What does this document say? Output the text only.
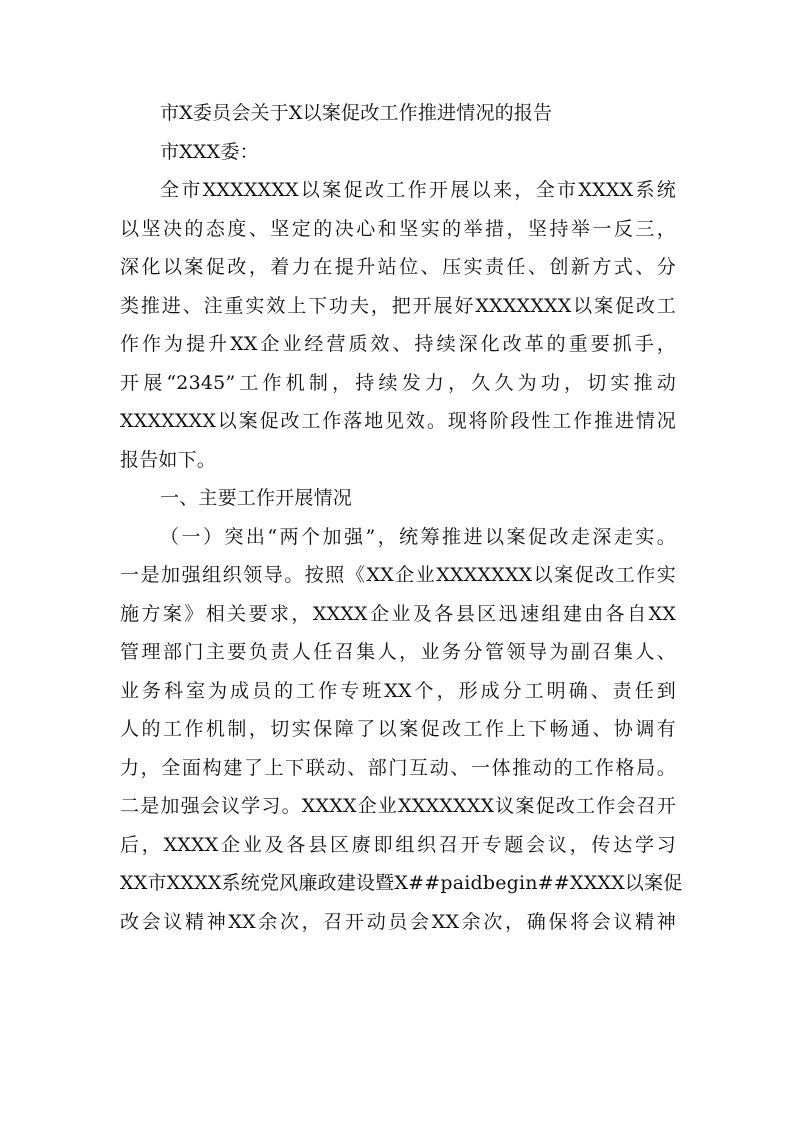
市X委员会关于X以案促改工作推进情况的报告
市XXX委：
全市XXXXXXX以案促改工作开展以来，全市XXXX系统
以坚决的态度、坚定的决心和坚实的举措，坚持举一反三，
深化以案促改，着力在提升站位、压实责任、创新方式、分
类推进、注重实效上下功夫，把开展好XXXXXXX以案促改工
作作为提升XX企业经营质效、持续深化改革的重要抓手，
开展“2345”工作机制，持续发力，久久为功，切实推动
XXXXXXX以案促改工作落地见效。现将阶段性工作推进情况
报告如下。
一、主要工作开展情况
（一）突出“两个加强”，统筹推进以案促改走深走实。
一是加强组织领导。按照《XX企业XXXXXXX以案促改工作实
施方案》相关要求，XXXX企业及各县区迅速组建由各自XX
管理部门主要负责人任召集人，业务分管领导为副召集人、
业务科室为成员的工作专班XX个，形成分工明确、责任到
人的工作机制，切实保障了以案促改工作上下畅通、协调有
力，全面构建了上下联动、部门互动、一体推动的工作格局。
二是加强会议学习。XXXX企业XXXXXXX议案促改工作会召开
后，XXXX企业及各县区赓即组织召开专题会议，传达学习
XX市XXXX系统党风廉政建设暨X##paidbegin##XXXX以案促
改会议精神XX余次，召开动员会XX余次，确保将会议精神
